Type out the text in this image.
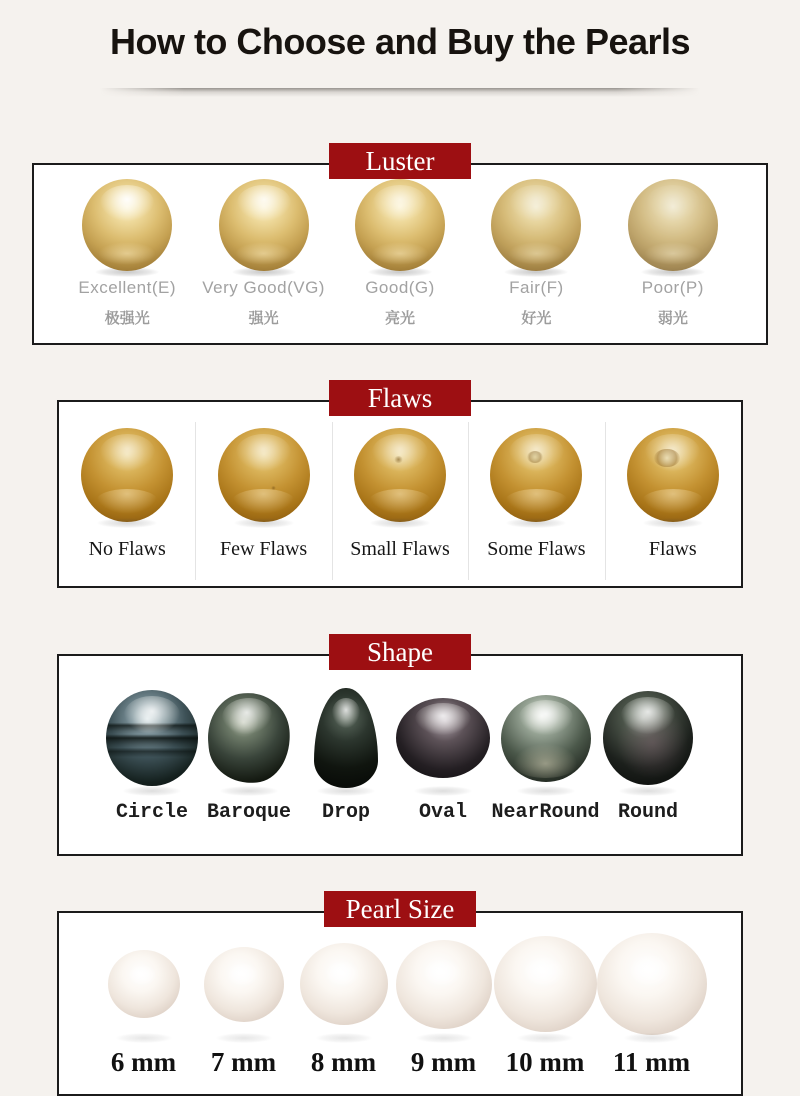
How to Choose and Buy the Pearls
Luster
Excellent(E)
极强光
Very Good(VG)
强光
Good(G)
亮光
Fair(F)
好光
Poor(P)
弱光
Flaws
No Flaws	Few Flaws	Small Flaws	Some Flaws	Flaws
Shape
Circle Baroque	Drop	Oval	NearRound Round
Pearl Size
6 mm	7 mm	8 mm	9 mm	10 mm	11 mm
